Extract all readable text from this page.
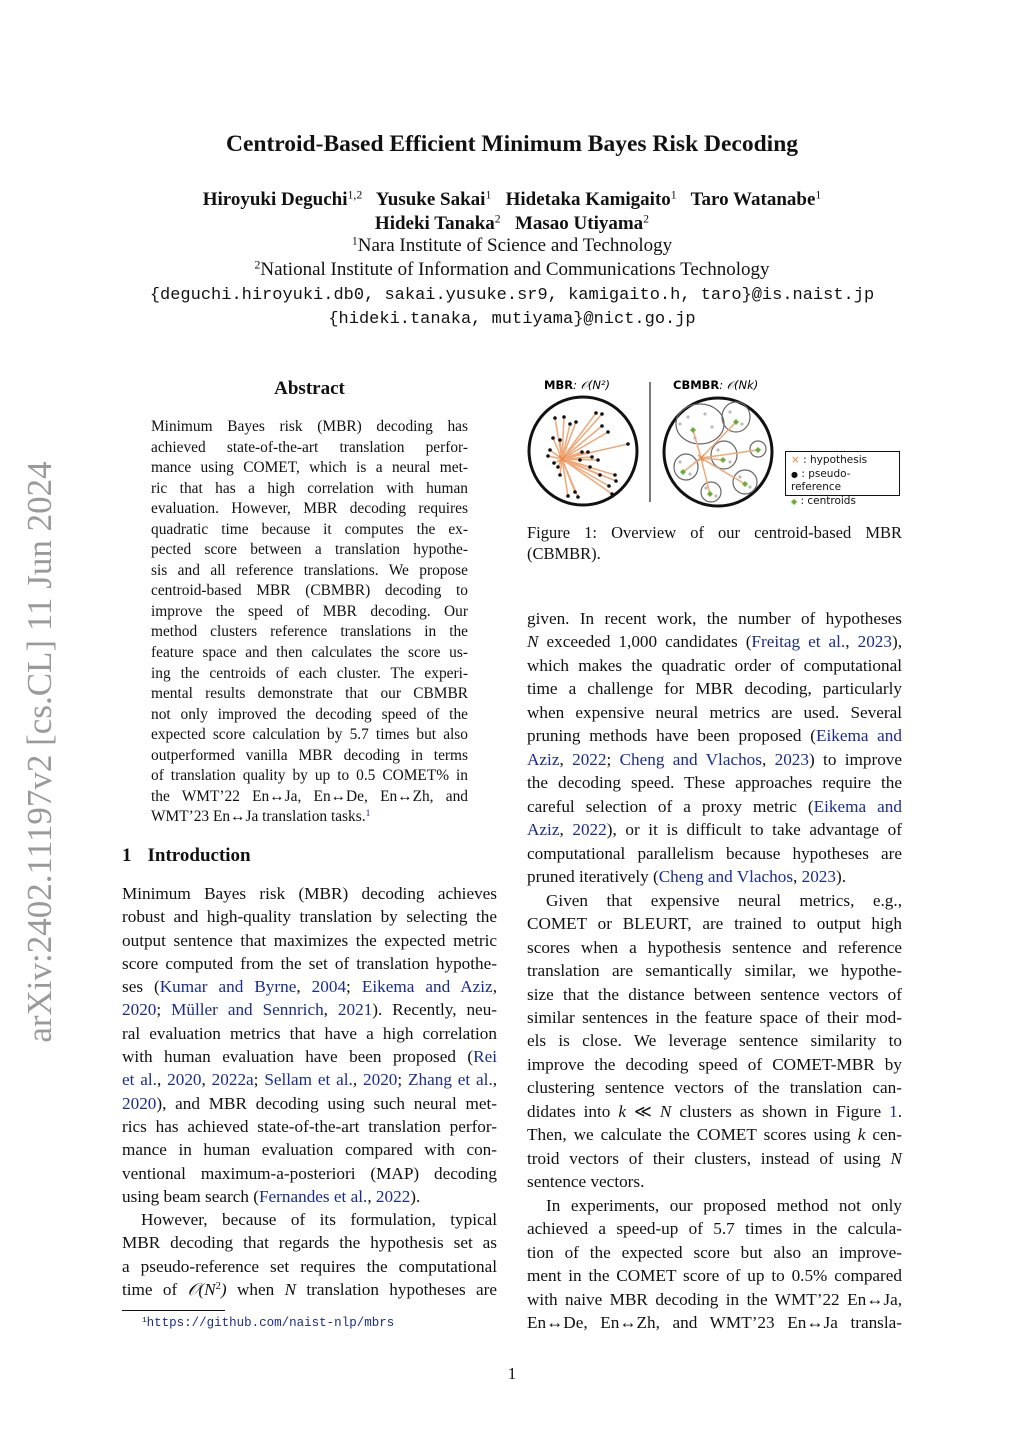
arXiv:2402.11197v2 [cs.CL] 11 Jun 2024
Centroid-Based Efficient Minimum Bayes Risk Decoding
Hiroyuki Deguchi$^{1,2}$ Yusuke Sakai$^1$ Hidetaka Kamigaito$^1$ Taro Watanabe$^1$
Hideki Tanaka$^2$ Masao Utiyama$^2$
$^1$Nara Institute of Science and Technology
$^2$National Institute of Information and Communications Technology
{deguchi.hiroyuki.db0, sakai.yusuke.sr9, kamigaito.h, taro}@is.naist.jp
{hideki.tanaka, mutiyama}@nict.go.jp
Abstract
Minimum Bayes risk (MBR) decoding has
achieved state-of-the-art translation perfor-
mance using COMET, which is a neural met-
ric that has a high correlation with human
evaluation. However, MBR decoding requires
quadratic time because it computes the ex-
pected score between a translation hypothe-
sis and all reference translations. We propose
centroid-based MBR (CBMBR) decoding to
improve the speed of MBR decoding. Our
method clusters reference translations in the
feature space and then calculates the score us-
ing the centroids of each cluster. The experi-
mental results demonstrate that our CBMBR
not only improved the decoding speed of the
expected score calculation by 5.7 times but also
outperformed vanilla MBR decoding in terms
of translation quality by up to 0.5 COMET% in
the WMT’22 En↔Ja, En↔De, En↔Zh, and
WMT’23 En↔Ja translation tasks.$^1$
1 Introduction
Minimum Bayes risk (MBR) decoding achieves
robust and high-quality translation by selecting the
output sentence that maximizes the expected metric
score computed from the set of translation hypothe-
ses (Kumar and Byrne, 2004; Eikema and Aziz,
2020; Müller and Sennrich, 2021). Recently, neu-
ral evaluation metrics that have a high correlation
with human evaluation have been proposed (Rei
et al., 2020, 2022a; Sellam et al., 2020; Zhang et al.,
2020), and MBR decoding using such neural met-
rics has achieved state-of-the-art translation perfor-
mance in human evaluation compared with con-
ventional maximum-a-posteriori (MAP) decoding
using beam search (Fernandes et al., 2022).
However, because of its formulation, typical
MBR decoding that regards the hypothesis set as
a pseudo-reference set requires the computational
time of $𝒪(N^2)$ when N translation hypotheses are
given. In recent work, the number of hypotheses
N exceeded 1,000 candidates (Freitag et al., 2023),
which makes the quadratic order of computational
time a challenge for MBR decoding, particularly
when expensive neural metrics are used. Several
pruning methods have been proposed (Eikema and
Aziz, 2022; Cheng and Vlachos, 2023) to improve
the decoding speed. These approaches require the
careful selection of a proxy metric (Eikema and
Aziz, 2022), or it is difficult to take advantage of
computational parallelism because hypotheses are
pruned iteratively (Cheng and Vlachos, 2023).
Given that expensive neural metrics, e.g.,
COMET or BLEURT, are trained to output high
scores when a hypothesis sentence and reference
translation are semantically similar, we hypothe-
size that the distance between sentence vectors of
similar sentences in the feature space of their mod-
els is close. We leverage sentence similarity to
improve the decoding speed of COMET-MBR by
clustering sentence vectors of the translation can-
didates into k ≪ N clusters as shown in Figure 1.
Then, we calculate the COMET scores using k cen-
troid vectors of their clusters, instead of using N
sentence vectors.
In experiments, our proposed method not only
achieved a speed-up of 5.7 times in the calcula-
tion of the expected score but also an improve-
ment in the COMET score of up to 0.5% compared
with naive MBR decoding in the WMT’22 En↔Ja,
En↔De, En↔Zh, and WMT’23 En↔Ja transla-
MBR: 𝒪(N²)	CBMBR: 𝒪(Nk)
×	×	× : hypothesis
● : pseudo-reference
◆ : centroids
Figure 1: Overview of our centroid-based MBR
(CBMBR).
$^1$https://github.com/naist-nlp/mbrs
1
